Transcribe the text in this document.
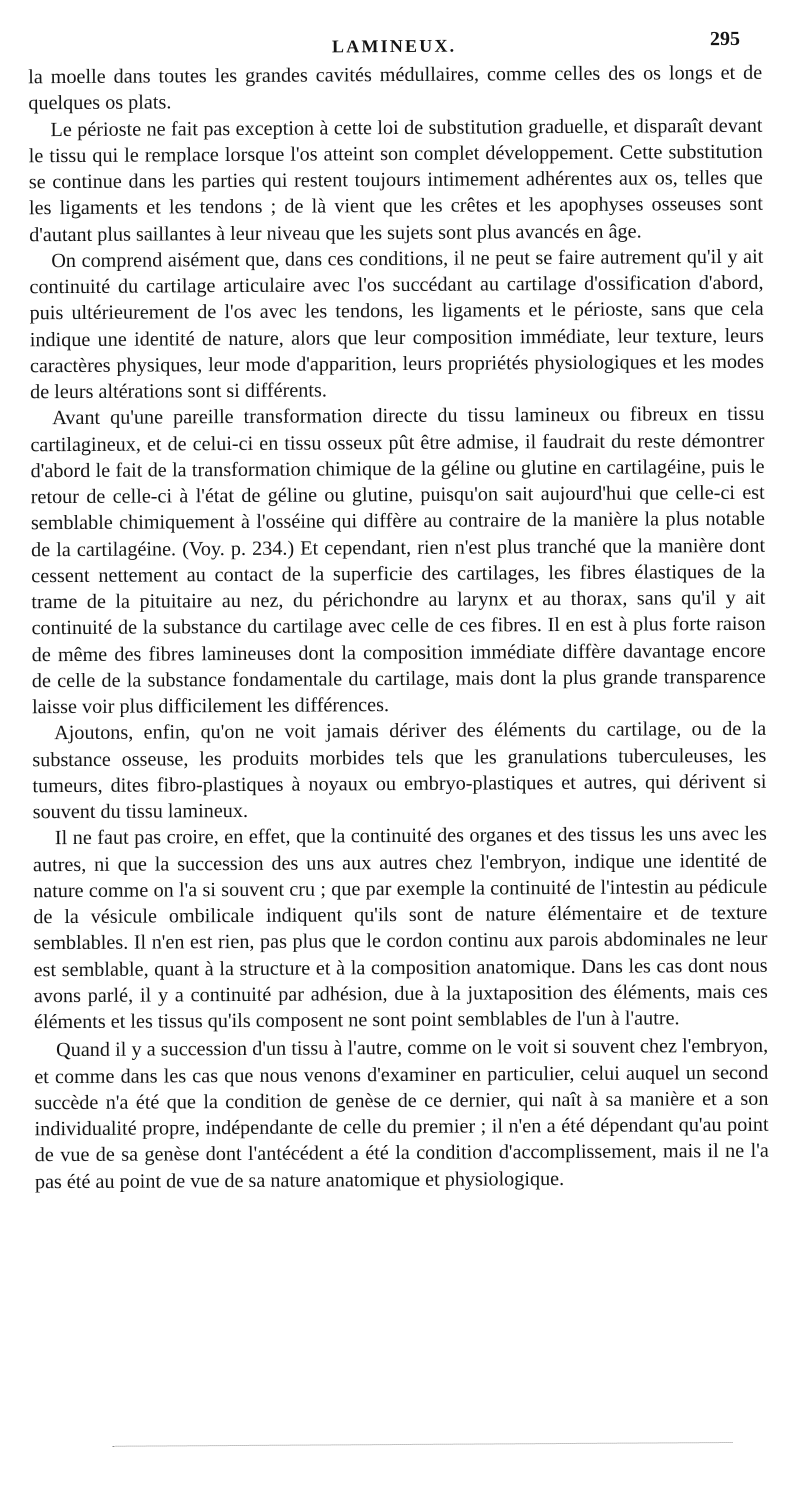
LAMINEUX.	295

la moelle dans toutes les grandes cavités médullaires, comme celles des os longs et de quelques os plats.

Le périoste ne fait pas exception à cette loi de substitution graduelle, et disparaît devant le tissu qui le remplace lorsque l'os atteint son complet développement. Cette substitution se continue dans les parties qui restent toujours intimement adhérentes aux os, telles que les ligaments et les tendons ; de là vient que les crêtes et les apophyses osseuses sont d'autant plus saillantes à leur niveau que les sujets sont plus avancés en âge.

On comprend aisément que, dans ces conditions, il ne peut se faire autrement qu'il y ait continuité du cartilage articulaire avec l'os succédant au cartilage d'ossification d'abord, puis ultérieurement de l'os avec les tendons, les ligaments et le périoste, sans que cela indique une identité de nature, alors que leur composition immédiate, leur texture, leurs caractères physiques, leur mode d'apparition, leurs propriétés physiologiques et les modes de leurs altérations sont si différents.

Avant qu'une pareille transformation directe du tissu lamineux ou fibreux en tissu cartilagineux, et de celui-ci en tissu osseux pût être admise, il faudrait du reste démontrer d'abord le fait de la transformation chimique de la géline ou glutine en cartilagéine, puis le retour de celle-ci à l'état de géline ou glutine, puisqu'on sait aujourd'hui que celle-ci est semblable chimiquement à l'osséine qui diffère au contraire de la manière la plus notable de la cartilagéine. (Voy. p. 234.) Et cependant, rien n'est plus tranché que la manière dont cessent nettement au contact de la superficie des cartilages, les fibres élastiques de la trame de la pituitaire au nez, du périchondre au larynx et au thorax, sans qu'il y ait continuité de la substance du cartilage avec celle de ces fibres. Il en est à plus forte raison de même des fibres lamineuses dont la composition immédiate diffère davantage encore de celle de la substance fondamentale du cartilage, mais dont la plus grande transparence laisse voir plus difficilement les différences.

Ajoutons, enfin, qu'on ne voit jamais dériver des éléments du cartilage, ou de la substance osseuse, les produits morbides tels que les granulations tuberculeuses, les tumeurs, dites fibro-plastiques à noyaux ou embryo-plastiques et autres, qui dérivent si souvent du tissu lamineux.

Il ne faut pas croire, en effet, que la continuité des organes et des tissus les uns avec les autres, ni que la succession des uns aux autres chez l'embryon, indique une identité de nature comme on l'a si souvent cru ; que par exemple la continuité de l'intestin au pédicule de la vésicule ombilicale indiquent qu'ils sont de nature élémentaire et de texture semblables. Il n'en est rien, pas plus que le cordon continu aux parois abdominales ne leur est semblable, quant à la structure et à la composition anatomique. Dans les cas dont nous avons parlé, il y a continuité par adhésion, due à la juxtaposition des éléments, mais ces éléments et les tissus qu'ils composent ne sont point semblables de l'un à l'autre.

Quand il y a succession d'un tissu à l'autre, comme on le voit si souvent chez l'embryon, et comme dans les cas que nous venons d'examiner en particulier, celui auquel un second succède n'a été que la condition de genèse de ce dernier, qui naît à sa manière et a son individualité propre, indépendante de celle du premier ; il n'en a été dépendant qu'au point de vue de sa genèse dont l'antécédent a été la condition d'accomplissement, mais il ne l'a pas été au point de vue de sa nature anatomique et physiologique.
